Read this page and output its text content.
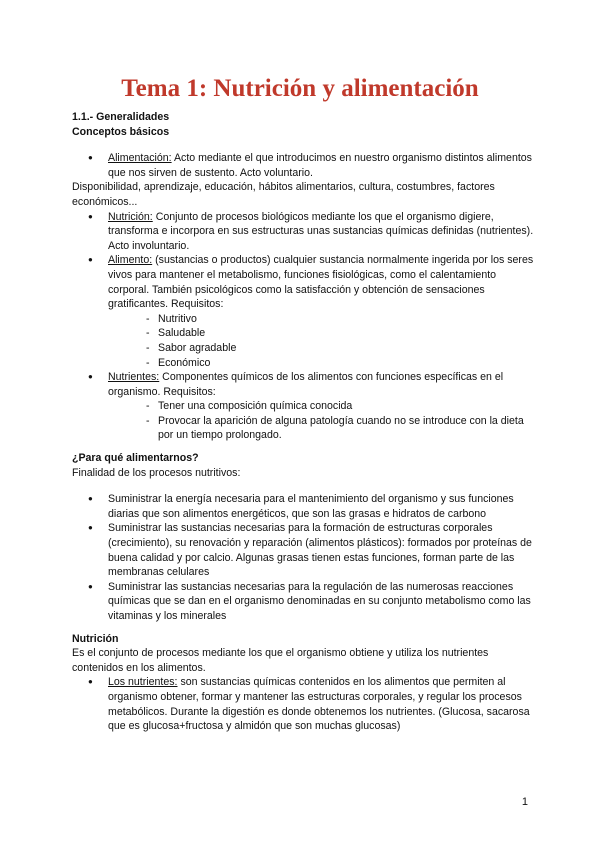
Tema 1: Nutrición y alimentación

1.1.- Generalidades

Conceptos básicos

● Alimentación: Acto mediante el que introducimos en nuestro organismo distintos alimentos que nos sirven de sustento. Acto voluntario.

Disponibilidad, aprendizaje, educación, hábitos alimentarios, cultura, costumbres, factores económicos...

● Nutrición: Conjunto de procesos biológicos mediante los que el organismo digiere, transforma e incorpora en sus estructuras unas sustancias químicas definidas (nutrientes). Acto involuntario.
● Alimento: (sustancias o productos) cualquier sustancia normalmente ingerida por los seres vivos para mantener el metabolismo, funciones fisiológicas, como el calentamiento corporal. También psicológicos como la satisfacción y obtención de sensaciones gratificantes. Requisitos:
- Nutritivo
- Saludable
- Sabor agradable
- Económico
● Nutrientes: Componentes químicos de los alimentos con funciones específicas en el organismo. Requisitos:
- Tener una composición química conocida
- Provocar la aparición de alguna patología cuando no se introduce con la dieta por un tiempo prolongado.

¿Para qué alimentarnos?

Finalidad de los procesos nutritivos:

● Suministrar la energía necesaria para el mantenimiento del organismo y sus funciones diarias que son alimentos energéticos, que son las grasas e hidratos de carbono
● Suministrar las sustancias necesarias para la formación de estructuras corporales (crecimiento), su renovación y reparación (alimentos plásticos): formados por proteínas de buena calidad y por calcio. Algunas grasas tienen estas funciones, forman parte de las membranas celulares
● Suministrar las sustancias necesarias para la regulación de las numerosas reacciones químicas que se dan en el organismo denominadas en su conjunto metabolismo como las vitaminas y los minerales

Nutrición

Es el conjunto de procesos mediante los que el organismo obtiene y utiliza los nutrientes contenidos en los alimentos.

● Los nutrientes: son sustancias químicas contenidos en los alimentos que permiten al organismo obtener, formar y mantener las estructuras corporales, y regular los procesos metabólicos. Durante la digestión es donde obtenemos los nutrientes. (Glucosa, sacarosa que es glucosa+fructosa y almidón que son muchas glucosas)
1
